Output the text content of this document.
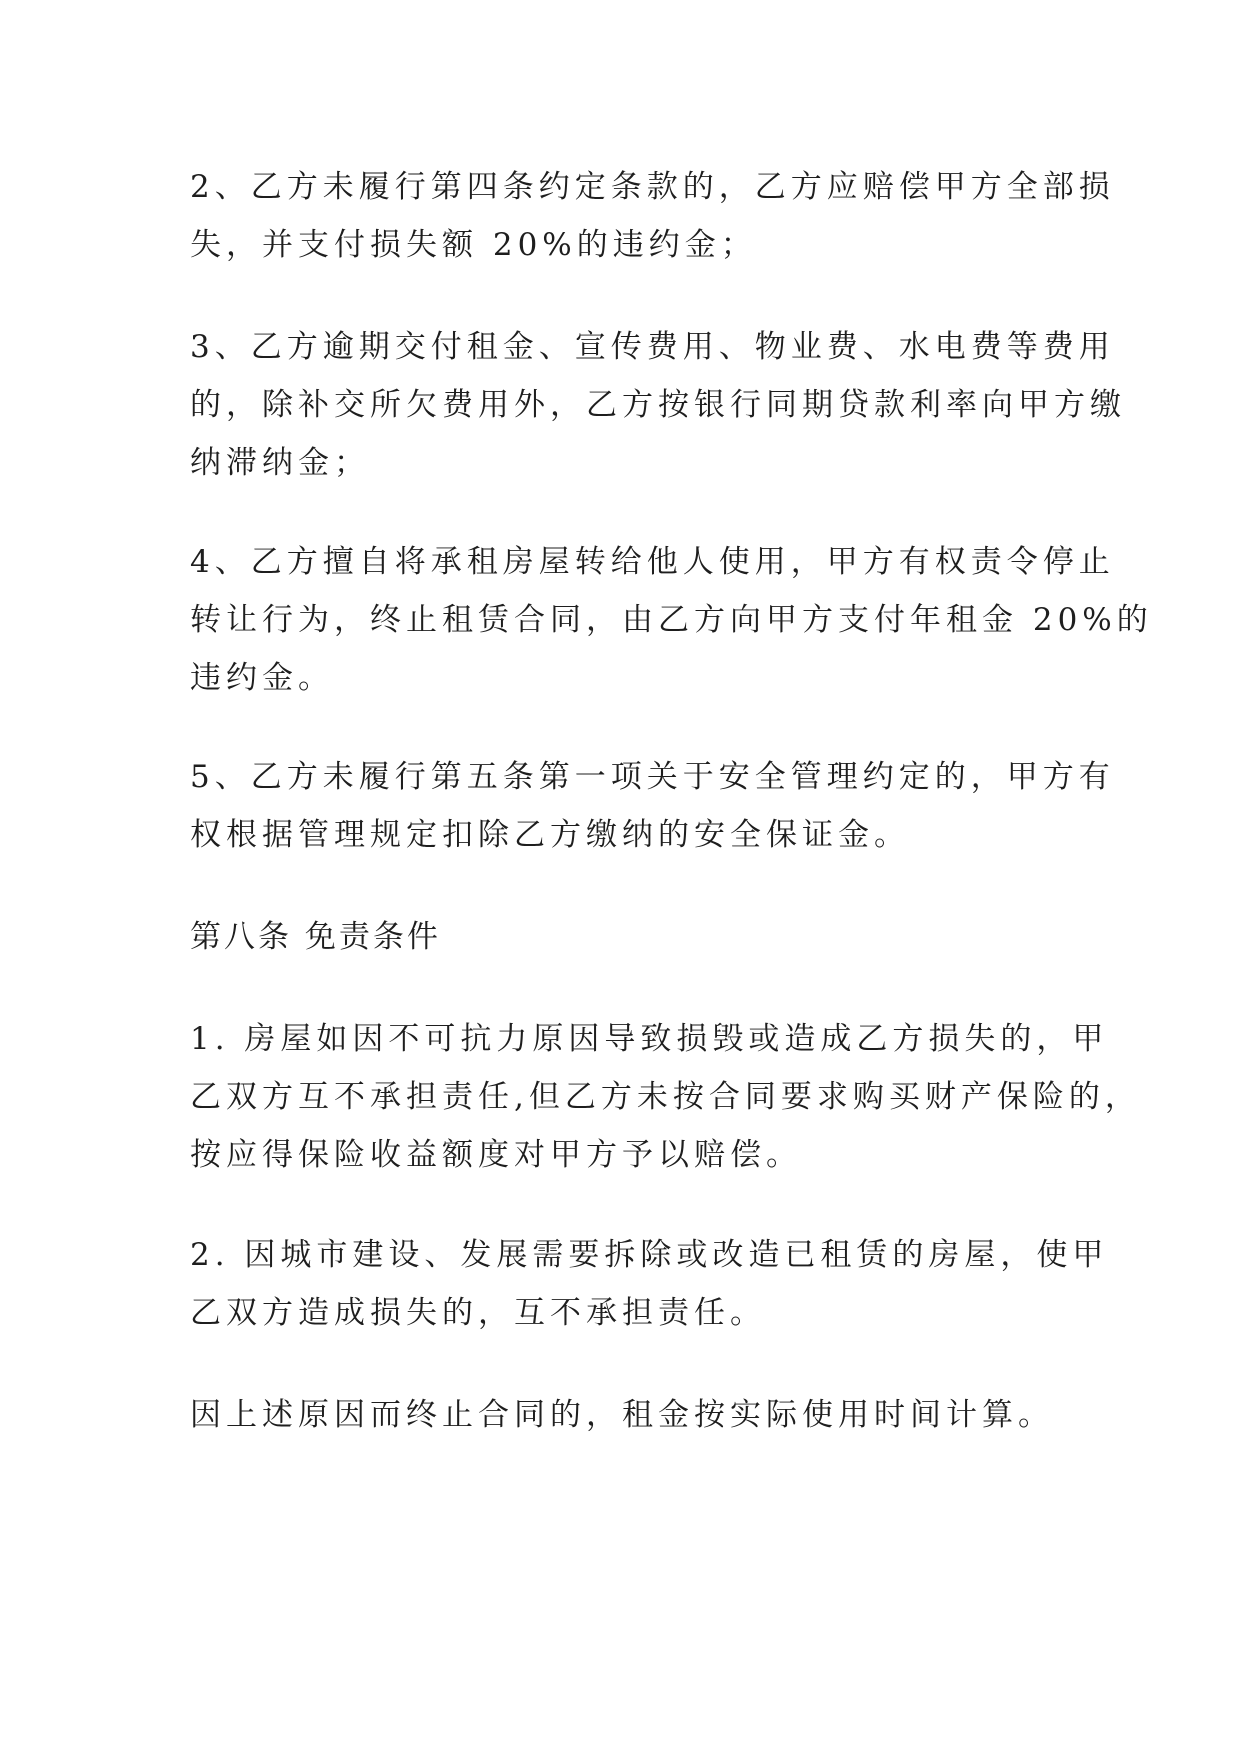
2、乙方未履行第四条约定条款的，乙方应赔偿甲方全部损
失，并支付损失额 20%的违约金；
3、乙方逾期交付租金、宣传费用、物业费、水电费等费用
的，除补交所欠费用外，乙方按银行同期贷款利率向甲方缴
纳滞纳金；
4、乙方擅自将承租房屋转给他人使用，甲方有权责令停止
转让行为，终止租赁合同，由乙方向甲方支付年租金 20%的
违约金。
5、乙方未履行第五条第一项关于安全管理约定的，甲方有
权根据管理规定扣除乙方缴纳的安全保证金。
第八条 免责条件
1. 房屋如因不可抗力原因导致损毁或造成乙方损失的，甲
乙双方互不承担责任,但乙方未按合同要求购买财产保险的，
按应得保险收益额度对甲方予以赔偿。
2. 因城市建设、发展需要拆除或改造已租赁的房屋，使甲
乙双方造成损失的，互不承担责任。
因上述原因而终止合同的，租金按实际使用时间计算。
